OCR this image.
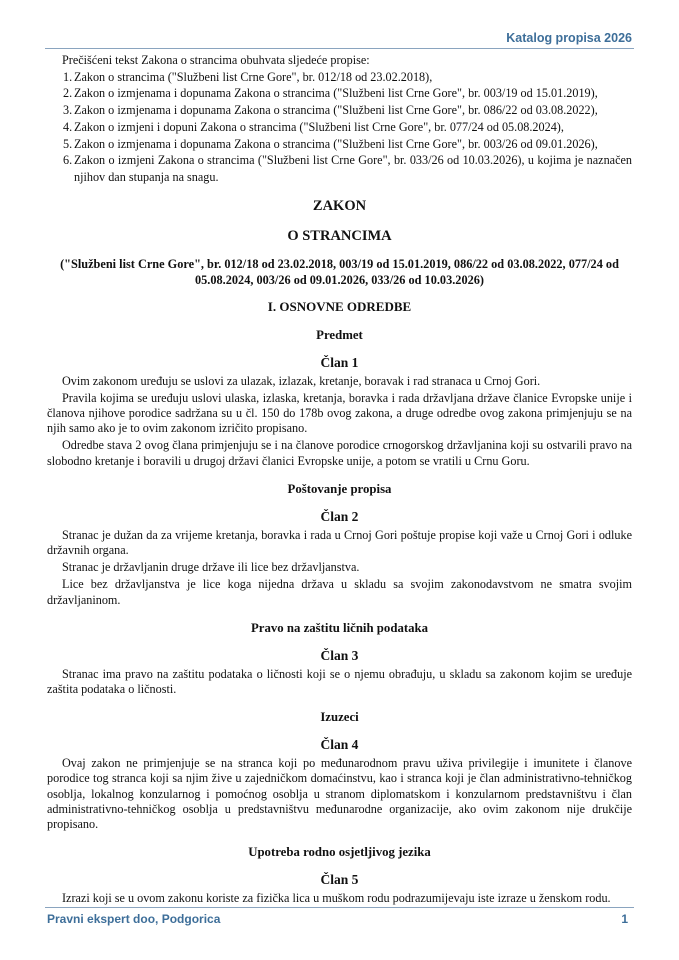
Katalog propisa 2026
Prečišćeni tekst Zakona o strancima obuhvata sljedeće propise:
1. Zakon o strancima ("Službeni list Crne Gore", br. 012/18 od 23.02.2018),
2. Zakon o izmjenama i dopunama Zakona o strancima ("Službeni list Crne Gore", br. 003/19 od 15.01.2019),
3. Zakon o izmjenama i dopunama Zakona o strancima ("Službeni list Crne Gore", br. 086/22 od 03.08.2022),
4. Zakon o izmjeni i dopuni Zakona o strancima ("Službeni list Crne Gore", br. 077/24 od 05.08.2024),
5. Zakon o izmjenama i dopunama Zakona o strancima ("Službeni list Crne Gore", br. 003/26 od 09.01.2026),
6. Zakon o izmjeni Zakona o strancima ("Službeni list Crne Gore", br. 033/26 od 10.03.2026), u kojima je naznačen njihov dan stupanja na snagu.
ZAKON
O STRANCIMA
("Službeni list Crne Gore", br. 012/18 od 23.02.2018, 003/19 od 15.01.2019, 086/22 od 03.08.2022, 077/24 od 05.08.2024, 003/26 od 09.01.2026, 033/26 od 10.03.2026)
I. OSNOVNE ODREDBE
Predmet
Član 1

Ovim zakonom uređuju se uslovi za ulazak, izlazak, kretanje, boravak i rad stranaca u Crnoj Gori.

Pravila kojima se uređuju uslovi ulaska, izlaska, kretanja, boravka i rada državljana države članice Evropske unije i članova njihove porodice sadržana su u čl. 150 do 178b ovog zakona, a druge odredbe ovog zakona primjenjuju se na njih samo ako je to ovim zakonom izričito propisano.

Odredbe stava 2 ovog člana primjenjuju se i na članove porodice crnogorskog državljanina koji su ostvarili pravo na slobodno kretanje i boravili u drugoj državi članici Evropske unije, a potom se vratili u Crnu Goru.

Poštovanje propisa
Član 2

Stranac je dužan da za vrijeme kretanja, boravka i rada u Crnoj Gori poštuje propise koji važe u Crnoj Gori i odluke državnih organa.

Stranac je državljanin druge države ili lice bez državljanstva.

Lice bez državljanstva je lice koga nijedna država u skladu sa svojim zakonodavstvom ne smatra svojim državljaninom.

Pravo na zaštitu ličnih podataka
Član 3

Stranac ima pravo na zaštitu podataka o ličnosti koji se o njemu obrađuju, u skladu sa zakonom kojim se uređuje zaštita podataka o ličnosti.

Izuzeci
Član 4

Ovaj zakon ne primjenjuje se na stranca koji po međunarodnom pravu uživa privilegije i imunitete i članove porodice tog stranca koji sa njim žive u zajedničkom domaćinstvu, kao i stranca koji je član administrativno-tehničkog osoblja, lokalnog konzularnog i pomoćnog osoblja u stranom diplomatskom i konzularnom predstavništvu i član administrativno-tehničkog osoblja u predstavništvu međunarodne organizacije, ako ovim zakonom nije drukčije propisano.

Upotreba rodno osjetljivog jezika
Član 5

Izrazi koji se u ovom zakonu koriste za fizička lica u muškom rodu podrazumijevaju iste izraze u ženskom rodu.

Pravni ekspert doo, Podgorica	1
